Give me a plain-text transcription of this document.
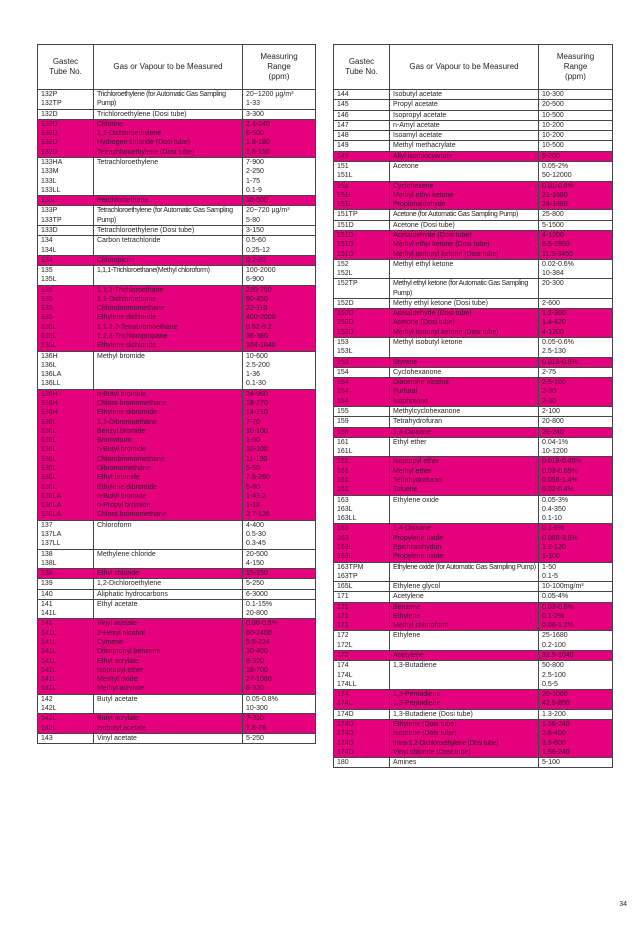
Gastec
Tube No.	Gas or Vapour to be Measured	Measuring
Range
(ppm)
132P
132TP	Trichloroethylene (for Automatic Gas Sampling Pump)	20~1200 µg/m³
1-33
132D	Trichloroethylene (Dosi tube)	3-300
132D	Chlorine	2.4-240
132D	1,2-Dichloroethylene	6-600
132D	Hydrogen chloride (Dosi tube)	1.8-180
132D	Tetrachloroethylene (Dosi tube)	1.5-150
133HA
133M
133L
133LL	Tetrachloroethylene	7-900
2-250
1-75
0.1-9
133L	Perchloroethane	10-500
133P
133TP	Tetrachloroethylene (for Automatic Gas Sampling Pump)	20~720 µg/m³
5-80
133D	Tetrachloroethylene (Dosi tube)	3-150
134
134L	Carbon tetrachloride	0.5-60
0.25-12
134	Chloropicrin	0.2-20
135
135L	1,1,1-Trichloroethane(Methyl chloroform)	100-2000
6-900
135	1,1,2-Trichloroethane	220-750
135	1,1-Dichloroethane	90-450
135	Chlorobromomethane	22-110
135	Ethylene dichloride	400-2000
135L	1,1,2,2-Tetrabromoethane	0.52-9.2
135L	1,2,3-Trichloropropane	36-360
135L	Ethylene dichloride	104-1040
136H
136L
136LA
136LL	Methyl bromide	10-600
2.5-200
1-36
0.1-30
136H	n-Butyl bromide	24-960
136H	Chloro bromomethane	18-270
136H	Ethylene dibromide	14-210
136L	1,1-Dibromoethane	7-70
136L	Benzyl bromide	10-100
136L	Bromoform	1-50
136L	n-Butyl bromide	10-100
136L	Chlorobromomethane	11-130
136L	Dibromomethane	5-50
136L	Ethyl bromide	7.5-260
136L	Ethylene dibromide	5-80
136LA	n-Butyl bromide	1-43.2
136LA	n-Propyl bromide	1-18
136LA	Chloro bromomethane	2.7-126
137
137LA
137LL	Chloroform	4-400
0.5-30
0.3-45
138
138L	Methylene chloride	20-500
4-150
138	Ethyl chloride	15-150
139	1,2-Dichloroethylene	5-250
140	Aliphatic hydrocarbons	6-3000
141
141L	Ethyl acetate	0.1-15%
20-800
141	Vinyl acetate	0.06-0.9%
141L	2-Hexyl alcohol	60-2400
141L	Cymene	5.5-224
141L	Diisopropyl benzene	10-400
141L	Ethyl acrylate	8-320
141L	Isopropyl ether	18-700
141L	Mesityl oxide	27-1080
141L	Methyl acrylate	8-320
142
142L	Butyl acetate	0.05-0.8%
10-300
142L	Butyl acrylate	7-210
142L	Isobutyl acetate	7.6-76
143	Vinyl acetate	5-250
Gastec
Tube No.	Gas or Vapour to be Measured	Measuring
Range
(ppm)
144	Isobutyl acetate	10-300
145	Propyl acetate	20-500
146	Isopropyl acetate	10-500
147	n-Amyl acetate	10-200
148	Isoamyl acetate	10-200
149	Methyl methacrylate	10-500
149	Allyl isothiocyanate	5-200
151
151L	Acetone	0.05-2%
50-12000
151	Cyclohexene	0.01-0.8%
151L	Methyl ethyl ketone	21-1680
151L	Propionaldehyde	24-1880
151TP	Acetone (for Automatic Gas Sampling Pump)	25-800
151D	Acetone (Dosi tube)	5-1500
151D	Acetaldehyde (Dosi tube)	4-1200
151D	Methyl ethyl ketone (Dosi tube)	6.5-1950
151D	Methyl isobutyl ketone (Dosi tube)	11.5-3450
152
152L	Methyl ethyl ketone	0.02-0.6%
10-384
152TP	Methyl ethyl ketone (for Automatic Gas Sampling Pump)	20-300
152D	Methy ethyl ketone (Dosi tube)	2-600
152D	Acetaldehyde (Dosi tube)	1.2-360
152D	Acetone (Dosi tube)	1.4-420
152D	Methyl isobutyl ketone (Dosi tube)	4-1200
153
153L	Methyl isobutyl ketone	0.05-0.6%
2.5-130
153	Styrene	0.015-0.9%
154	Cyclohexanone	2-75
154	Diacetone alcohol	2.5-100
154	Furfural	2-30
154	Isophorone	2-30
155	Methylcyclohexanone	2-100
159	Tetrahydrofuran	20-800
159	1,4-Dioxane	25-240
161
161L	Ethyl ether	0.04-1%
10-1200
161	Isopropyl ether	0.018-0.45%
161	Methyl ether	0.03-0.65%
161	Tetrahydrofuran	0.056-1.4%
161	Toluene	0.02-0.4%
163
163L
163LL	Ethylene oxide	0.05-3%
0.4-350
0.1-10
163	1,4-Dioxane	0.1-6%
163	Propylene oxide	0.065-3.9%
163L	Epichlorohydrin	1.2-120
163L	Propylene oxide	1-100
163TPM
163TP	Ethylene oxide (for Automatic Gas Sampling Pump)	1-50
0.1-5
165L	Ethylene glycol	10-100mg/m³
171	Acetylene	0.05-4%
171	Benzene	0.03-0.6%
171	Ethylene	0.1-2%
171	Methyl chloroform	0.06-1.2%
172
172L	Ethylene	25-1680
0.2-100
172	Acetylene	32.5-1040
174
174L
174LL	1,3-Butadiene	50-800
2.5-100
0.5-5
174	1,3-Pentadiene	20-1000
174L	1,3-Pentadiene	42.5-850
174D	1,3-Butadiene (Dosi tube)	1.3-200
174D	Ethylene (Dosi tube)	1.56-240
174D	Isoprene (Dosi tube)	2.6-400
174D	trans-1,2-Dichloroethylene (Dosi tube)	3.9-600
174D	Vinyl chloride (Dosi tube)	1.56-240
180	Amines	5-100
34
